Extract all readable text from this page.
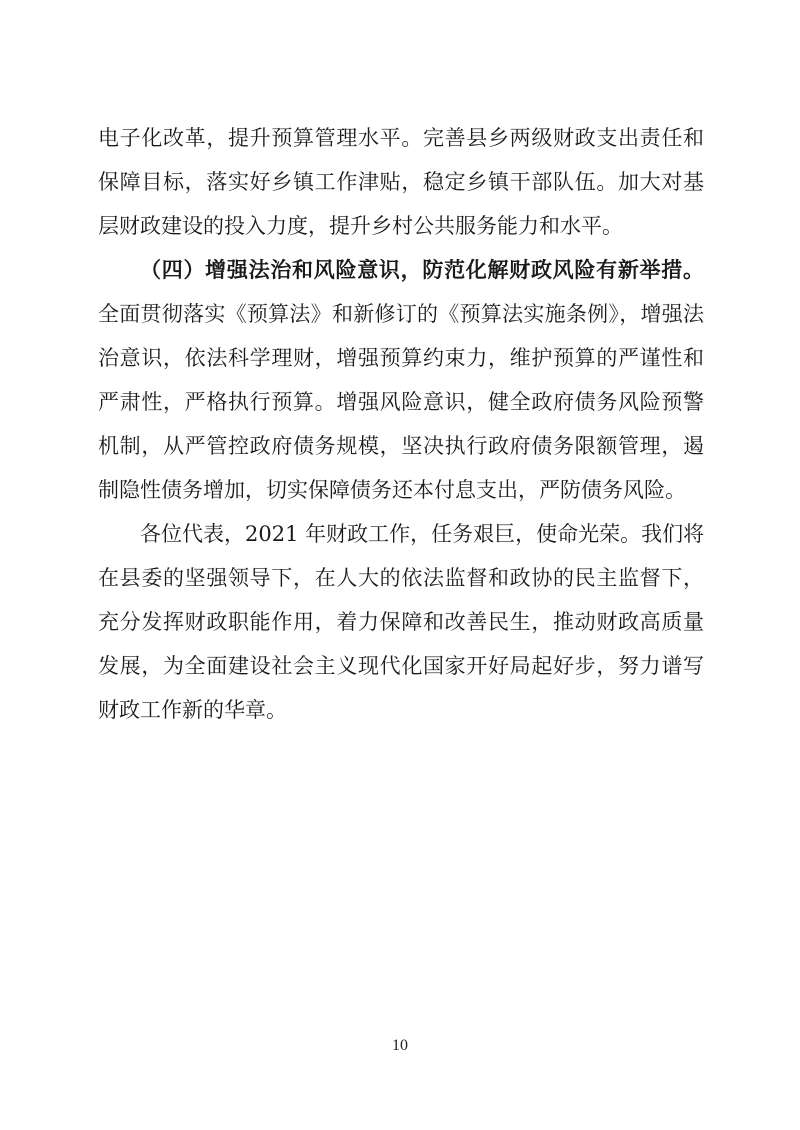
电子化改革，提升预算管理水平。完善县乡两级财政支出责任和
保障目标，落实好乡镇工作津贴，稳定乡镇干部队伍。加大对基
层财政建设的投入力度，提升乡村公共服务能力和水平。
（四）增强法治和风险意识，防范化解财政风险有新举措。
全面贯彻落实《预算法》和新修订的《预算法实施条例》，增强法
治意识，依法科学理财，增强预算约束力，维护预算的严谨性和
严肃性，严格执行预算。增强风险意识，健全政府债务风险预警
机制，从严管控政府债务规模，坚决执行政府债务限额管理，遏
制隐性债务增加，切实保障债务还本付息支出，严防债务风险。
各位代表，2021 年财政工作，任务艰巨，使命光荣。我们将
在县委的坚强领导下，在人大的依法监督和政协的民主监督下，
充分发挥财政职能作用，着力保障和改善民生，推动财政高质量
发展，为全面建设社会主义现代化国家开好局起好步，努力谱写
财政工作新的华章。
10
